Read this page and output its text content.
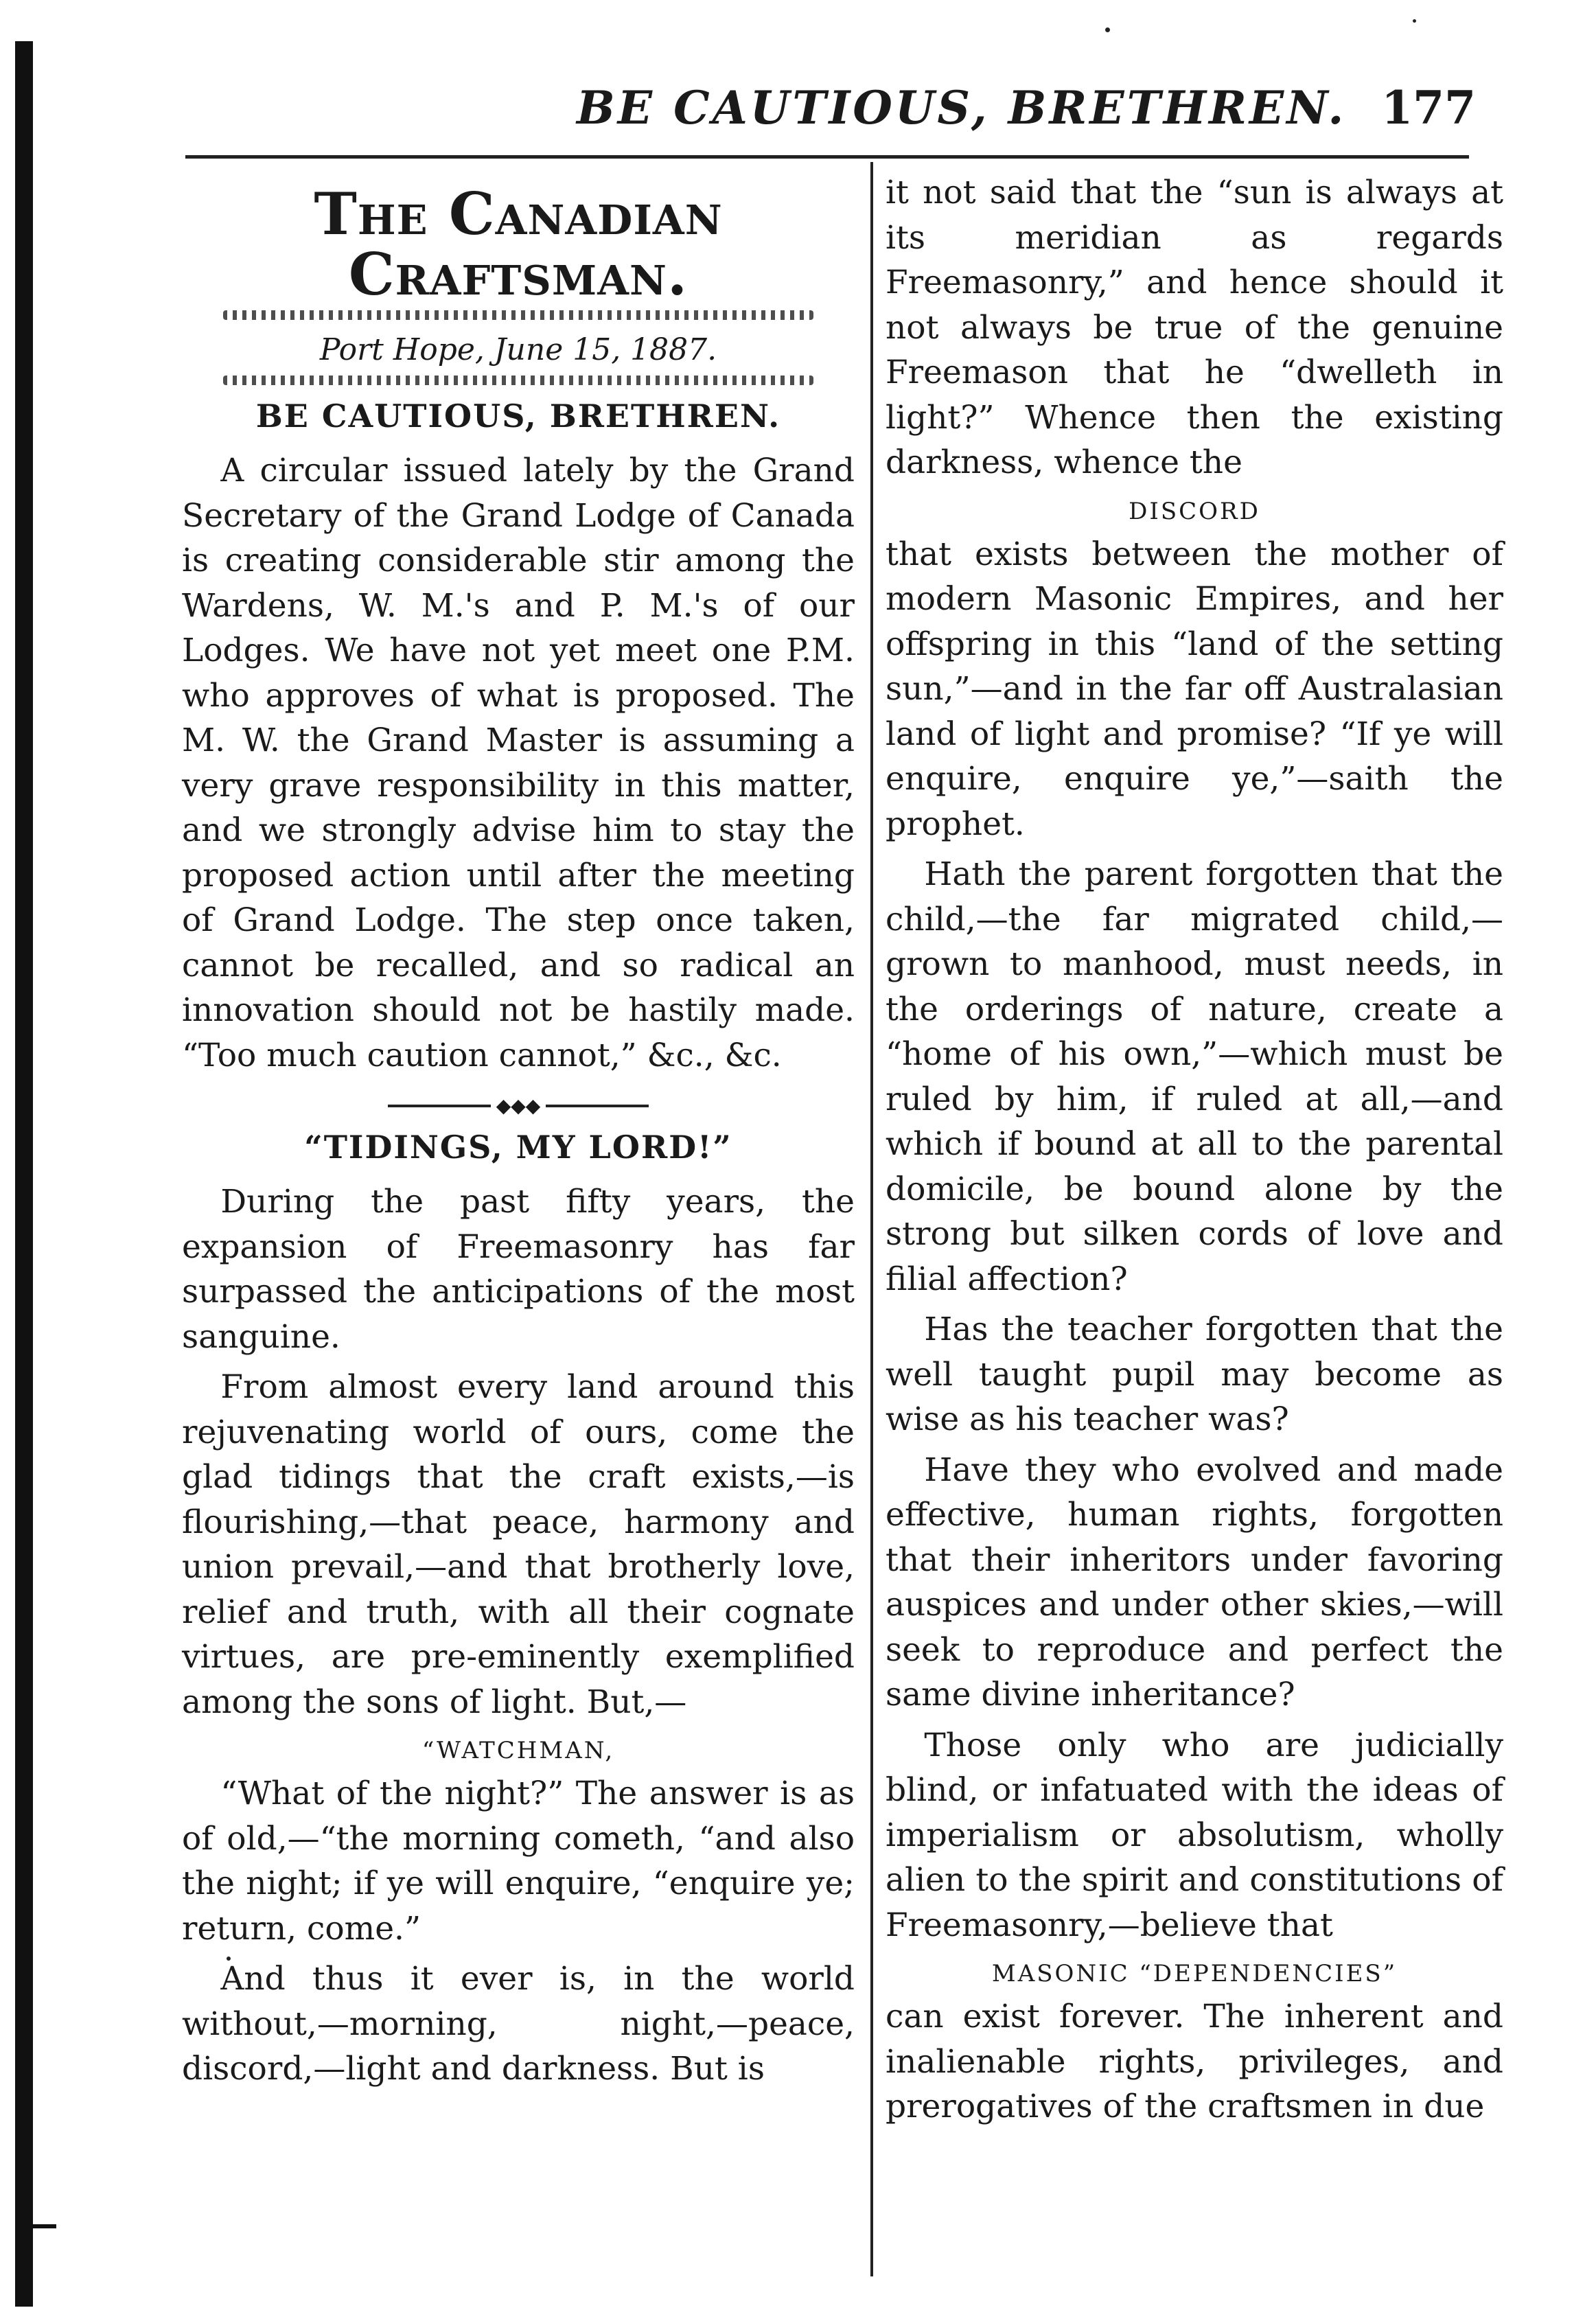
BE CAUTIOUS, BRETHREN. 177
The Canadian Craftsman.
Port Hope, June 15, 1887.
BE CAUTIOUS, BRETHREN.

A circular issued lately by the Grand Secretary of the Grand Lodge of Canada is creating considerable stir among the Wardens, W. M.'s and P. M.'s of our Lodges. We have not yet meet one P.M. who approves of what is proposed. The M. W. the Grand Master is assuming a very grave responsibility in this matter, and we strongly advise him to stay the proposed action until after the meeting of Grand Lodge. The step once taken, cannot be recalled, and so radical an innovation should not be hastily made. “Too much caution cannot,” &c., &c.

◆◆◆
“TIDINGS, MY LORD!”

During the past fifty years, the expansion of Freemasonry has far surpassed the anticipations of the most sanguine.

From almost every land around this rejuvenating world of ours, come the glad tidings that the craft exists,—is flourishing,—that peace, harmony and union prevail,—and that brotherly love, relief and truth, with all their cognate virtues, are pre-eminently exemplified among the sons of light. But,—

“WATCHMAN,

“What of the night?” The answer is as of old,—“the morning cometh, “and also the night; if ye will enquire, “enquire ye; return, come.”

And thus it ever is, in the world without,—morning, night,—peace, discord,—light and darkness. But is

it not said that the “sun is always at its meridian as regards Freemasonry,” and hence should it not always be true of the genuine Freemason that he “dwelleth in light?” Whence then the existing darkness, whence the

DISCORD

that exists between the mother of modern Masonic Empires, and her offspring in this “land of the setting sun,”—and in the far off Australasian land of light and promise? “If ye will enquire, enquire ye,”—saith the prophet.

Hath the parent forgotten that the child,—the far migrated child,—grown to manhood, must needs, in the orderings of nature, create a “home of his own,”—which must be ruled by him, if ruled at all,—and which if bound at all to the parental domicile, be bound alone by the strong but silken cords of love and filial affection?

Has the teacher forgotten that the well taught pupil may become as wise as his teacher was?

Have they who evolved and made effective, human rights, forgotten that their inheritors under favoring auspices and under other skies,—will seek to reproduce and perfect the same divine inheritance?

Those only who are judicially blind, or infatuated with the ideas of imperialism or absolutism, wholly alien to the spirit and constitutions of Freemasonry,—believe that

MASONIC “DEPENDENCIES”

can exist forever. The inherent and inalienable rights, privileges, and prerogatives of the craftsmen in due
